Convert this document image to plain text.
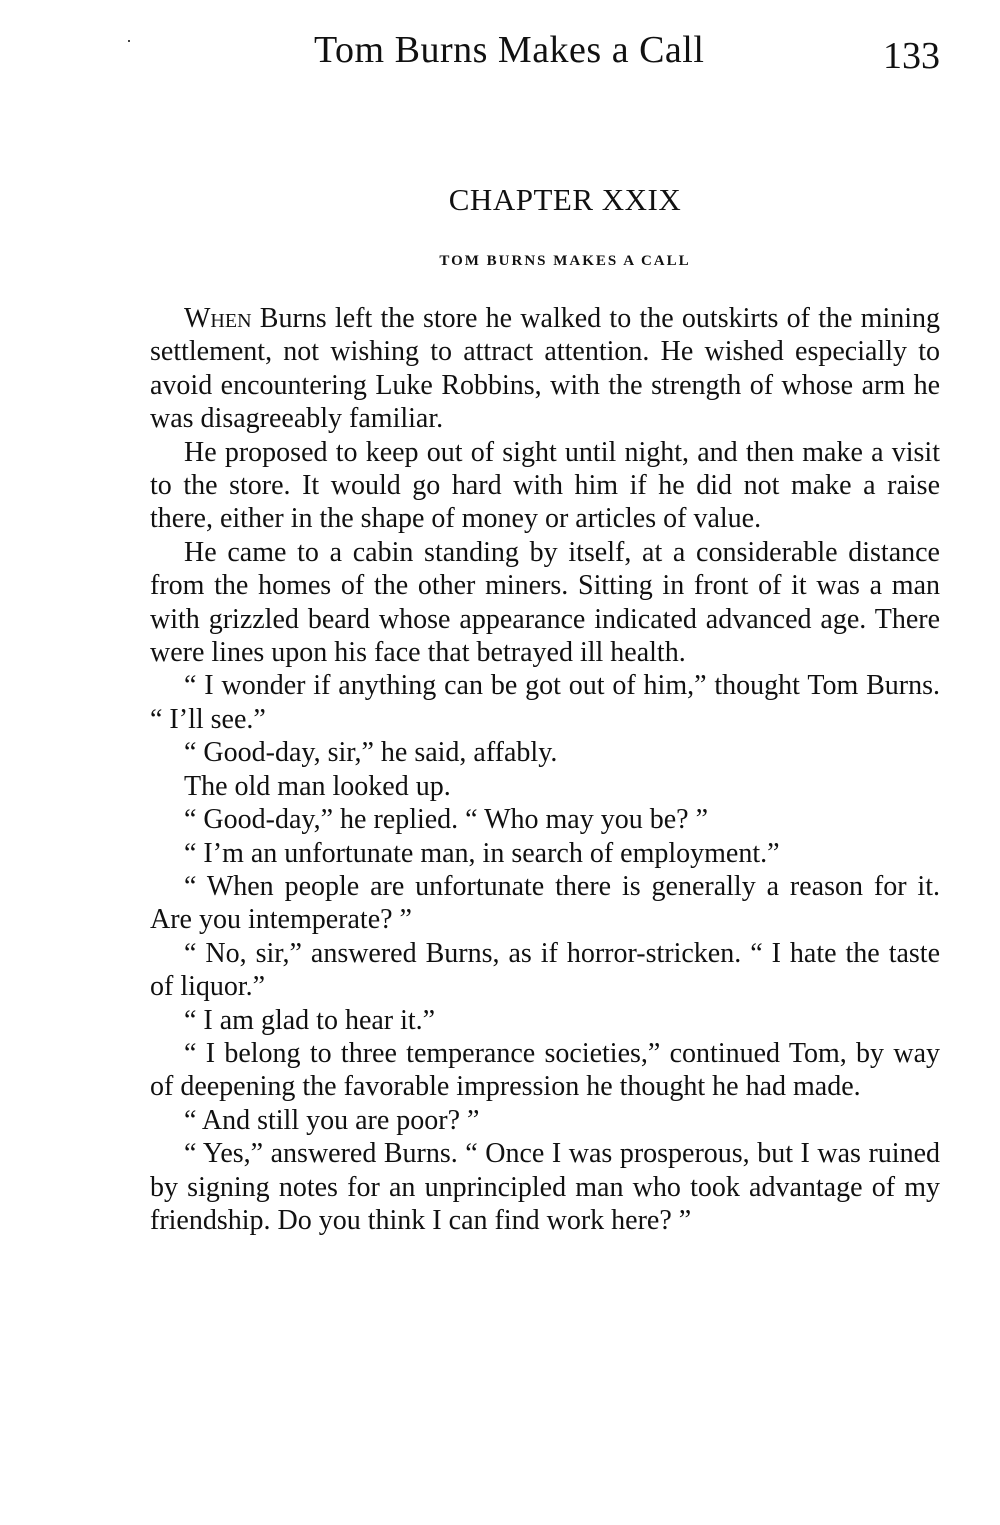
Tom Burns Makes a Call	133
CHAPTER XXIX
TOM BURNS MAKES A CALL

When Burns left the store he walked to the outskirts of the mining settlement, not wishing to attract attention. He wished especially to avoid encountering Luke Robbins, with the strength of whose arm he was disagreeably familiar.

He proposed to keep out of sight until night, and then make a visit to the store. It would go hard with him if he did not make a raise there, either in the shape of money or articles of value.

He came to a cabin standing by itself, at a considerable distance from the homes of the other miners. Sitting in front of it was a man with grizzled beard whose appearance indicated advanced age. There were lines upon his face that betrayed ill health.

“ I wonder if anything can be got out of him,” thought Tom Burns. “ I’ll see.”

“ Good-day, sir,” he said, affably.

The old man looked up.

“ Good-day,” he replied. “ Who may you be? ”

“ I’m an unfortunate man, in search of employment.”

“ When people are unfortunate there is generally a reason for it. Are you intemperate? ”

“ No, sir,” answered Burns, as if horror-stricken. “ I hate the taste of liquor.”

“ I am glad to hear it.”

“ I belong to three temperance societies,” continued Tom, by way of deepening the favorable impression he thought he had made.

“ And still you are poor? ”

“ Yes,” answered Burns. “ Once I was prosperous, but I was ruined by signing notes for an unprincipled man who took advantage of my friendship. Do you think I can find work here? ”
